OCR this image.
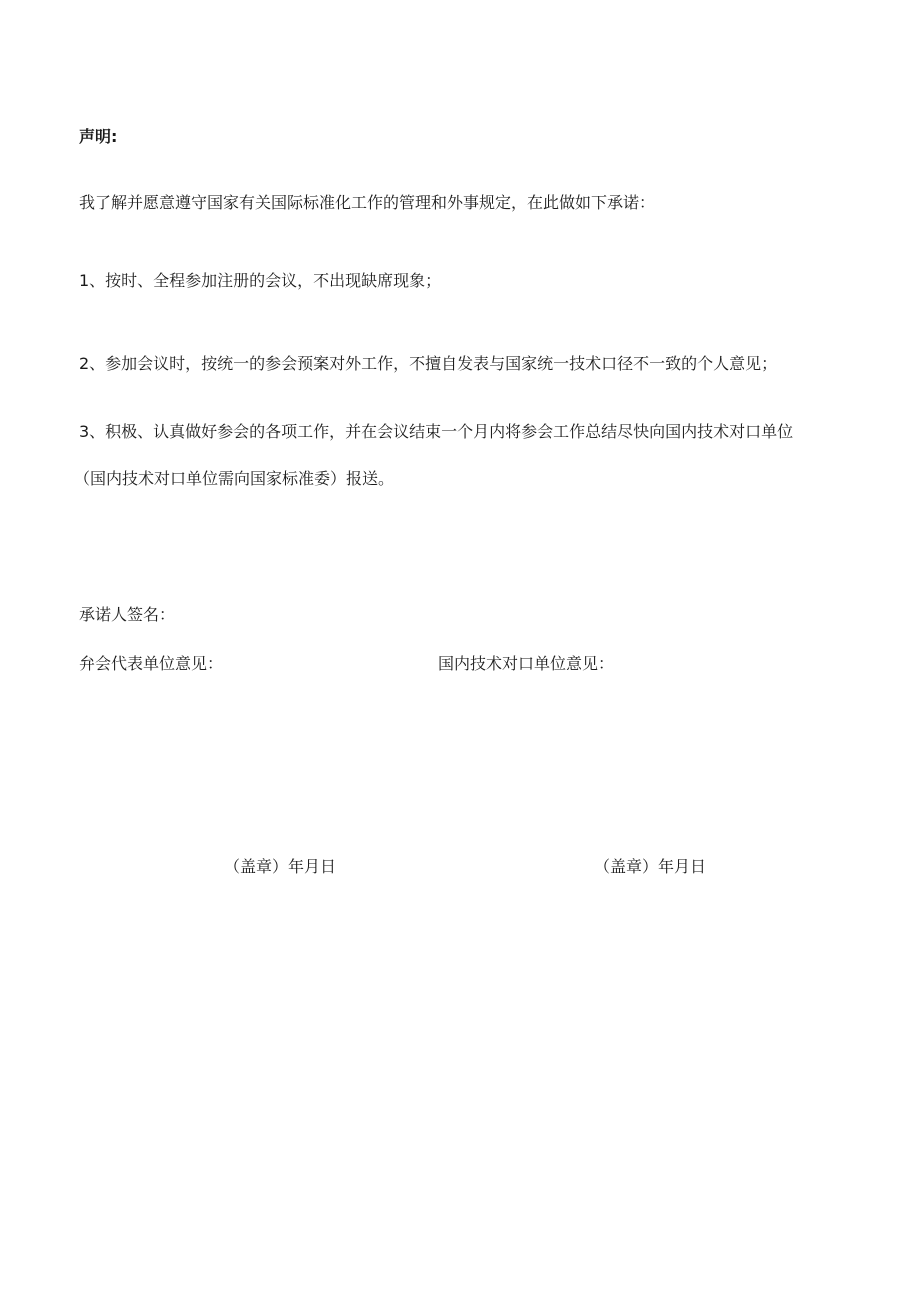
声明:
我了解并愿意遵守国家有关国际标准化工作的管理和外事规定，在此做如下承诺：
1、按时、全程参加注册的会议，不出现缺席现象；
2、参加会议时，按统一的参会预案对外工作，不擅自发表与国家统一技术口径不一致的个人意见；
3、积极、认真做好参会的各项工作，并在会议结束一个月内将参会工作总结尽快向国内技术对口单位
（国内技术对口单位需向国家标准委）报送。
承诺人签名：
弁会代表单位意见：	国内技术对口单位意见：
（盖章）年月日	（盖章）年月日
